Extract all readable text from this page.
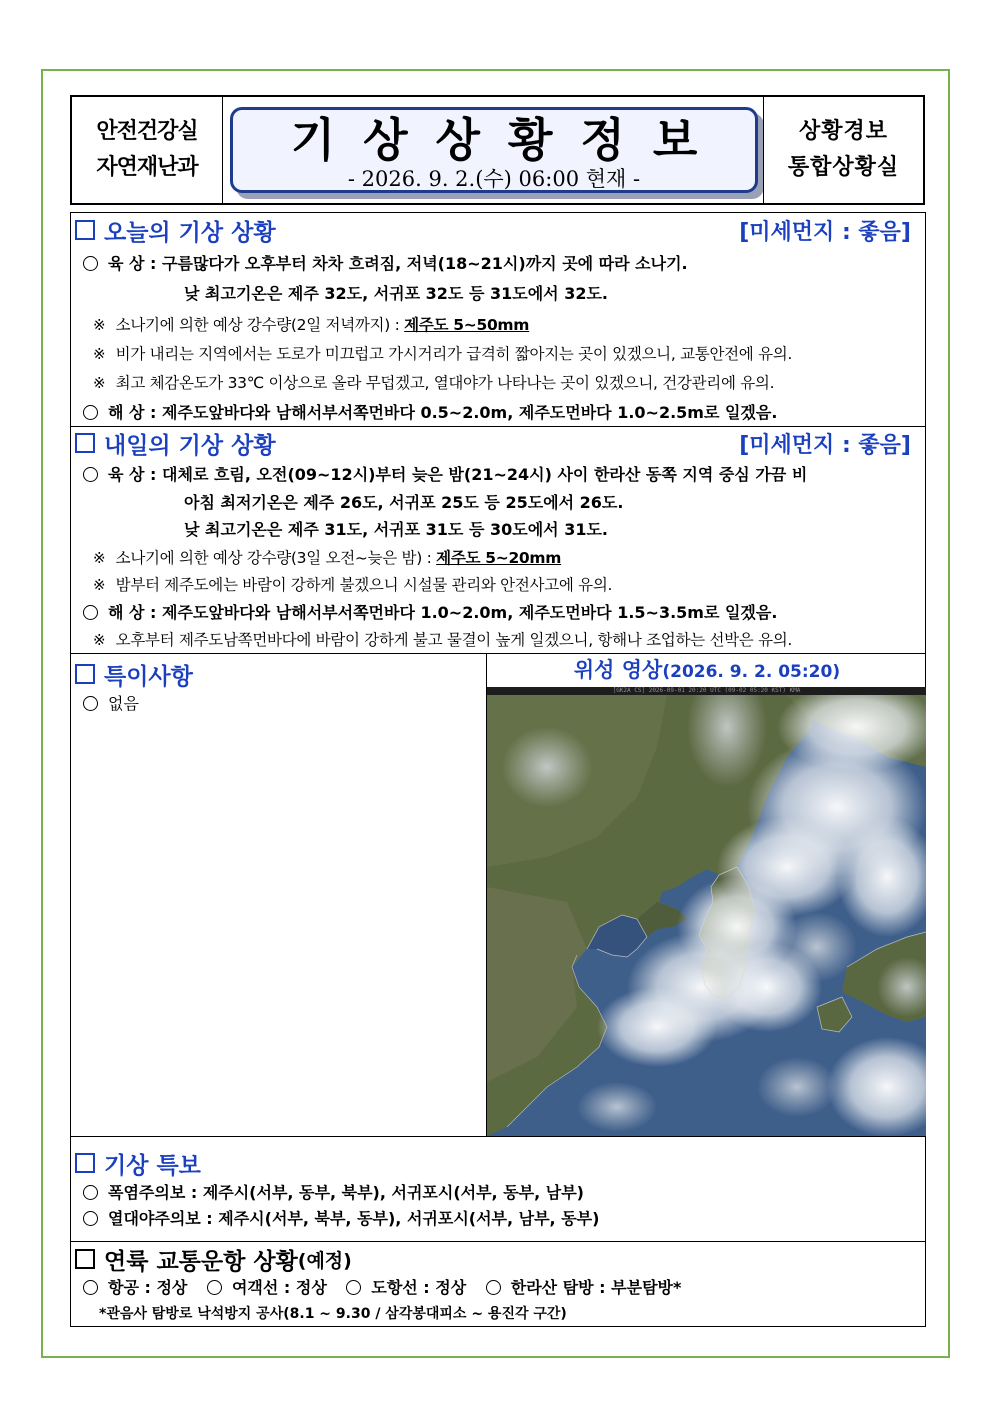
안전건강실
자연재난과
기상상황정보
- 2026. 9. 2.(수) 06:00 현재 -
상황경보
통합상황실
오늘의 기상 상황	[미세먼지 : 좋음]
육 상 : 구름많다가 오후부터 차차 흐려짐, 저녁(18~21시)까지 곳에 따라 소나기.
낮 최고기온은 제주 32도, 서귀포 32도 등 31도에서 32도.
※ 소나기에 의한 예상 강수량(2일 저녁까지) : 제주도 5~50mm
※ 비가 내리는 지역에서는 도로가 미끄럽고 가시거리가 급격히 짧아지는 곳이 있겠으니, 교통안전에 유의.
※ 최고 체감온도가 33℃ 이상으로 올라 무덥겠고, 열대야가 나타나는 곳이 있겠으니, 건강관리에 유의.
해 상 : 제주도앞바다와 남해서부서쪽먼바다 0.5~2.0m, 제주도먼바다 1.0~2.5m로 일겠음.
내일의 기상 상황	[미세먼지 : 좋음]
육 상 : 대체로 흐림, 오전(09~12시)부터 늦은 밤(21~24시) 사이 한라산 동쪽 지역 중심 가끔 비
아침 최저기온은 제주 26도, 서귀포 25도 등 25도에서 26도.
낮 최고기온은 제주 31도, 서귀포 31도 등 30도에서 31도.
※ 소나기에 의한 예상 강수량(3일 오전~늦은 밤) : 제주도 5~20mm
※ 밤부터 제주도에는 바람이 강하게 불겠으니 시설물 관리와 안전사고에 유의.
해 상 : 제주도앞바다와 남해서부서쪽먼바다 1.0~2.0m, 제주도먼바다 1.5~3.5m로 일겠음.
※ 오후부터 제주도남쪽먼바다에 바람이 강하게 불고 물결이 높게 일겠으니, 항해나 조업하는 선박은 유의.
특이사항
없음
위성 영상(2026. 9. 2. 05:20)
[GK2A CS] 2026-09-01 20:20 UTC (09-02 05:20 KST) KMA
기상 특보
폭염주의보 : 제주시(서부, 동부, 북부), 서귀포시(서부, 동부, 남부)
열대야주의보 : 제주시(서부, 북부, 동부), 서귀포시(서부, 남부, 동부)
연륙 교통운항 상황 (예정)
항공 : 정상	여객선 : 정상	도항선 : 정상	한라산 탐방 : 부분탐방*
*관음사 탐방로 낙석방지 공사(8.1 ~ 9.30 / 삼각봉대피소 ~ 용진각 구간)
